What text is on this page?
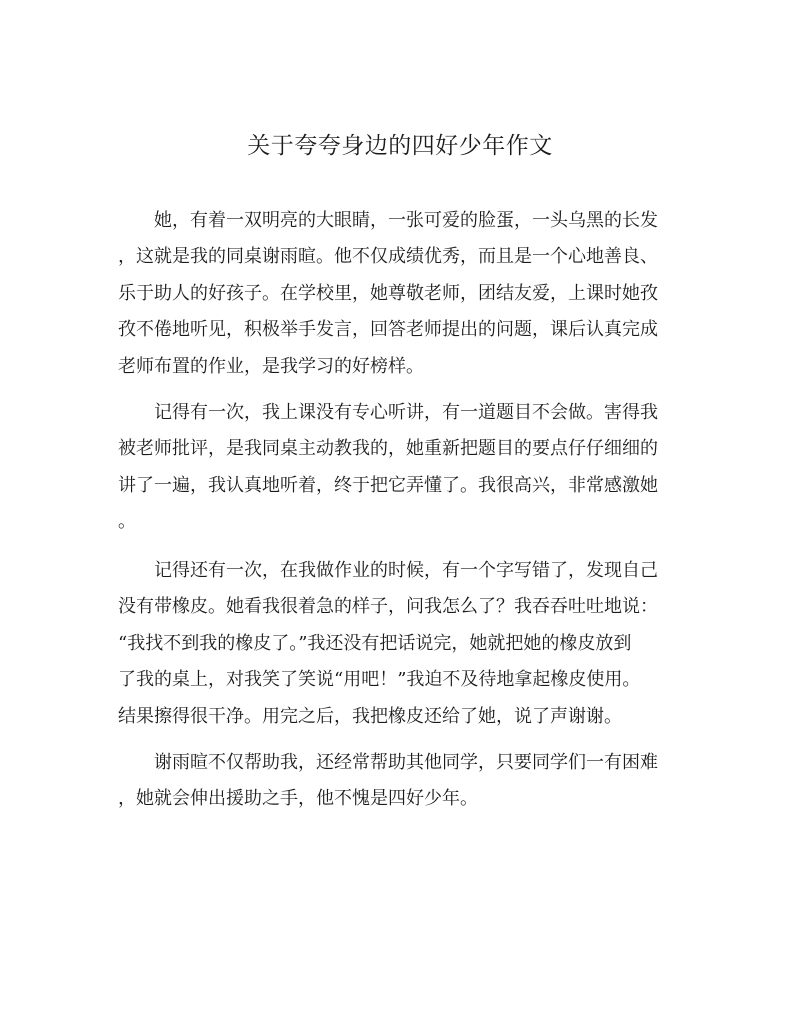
关于夸夸身边的四好少年作文
　　她，有着一双明亮的大眼睛，一张可爱的脸蛋，一头乌黑的长发
，这就是我的同桌谢雨暄。他不仅成绩优秀，而且是一个心地善良、
乐于助人的好孩子。在学校里，她尊敬老师，团结友爱，上课时她孜
孜不倦地听见，积极举手发言，回答老师提出的问题，课后认真完成
老师布置的作业，是我学习的好榜样。
　　记得有一次，我上课没有专心听讲，有一道题目不会做。害得我
被老师批评，是我同桌主动教我的，她重新把题目的要点仔仔细细的
讲了一遍，我认真地听着，终于把它弄懂了。我很高兴，非常感激她
。
　　记得还有一次，在我做作业的时候，有一个字写错了，发现自己
没有带橡皮。她看我很着急的样子，问我怎么了？我吞吞吐吐地说：
“我找不到我的橡皮了。”我还没有把话说完，她就把她的橡皮放到
了我的桌上，对我笑了笑说“用吧！”我迫不及待地拿起橡皮使用。
结果擦得很干净。用完之后，我把橡皮还给了她，说了声谢谢。
　　谢雨暄不仅帮助我，还经常帮助其他同学，只要同学们一有困难
，她就会伸出援助之手，他不愧是四好少年。
